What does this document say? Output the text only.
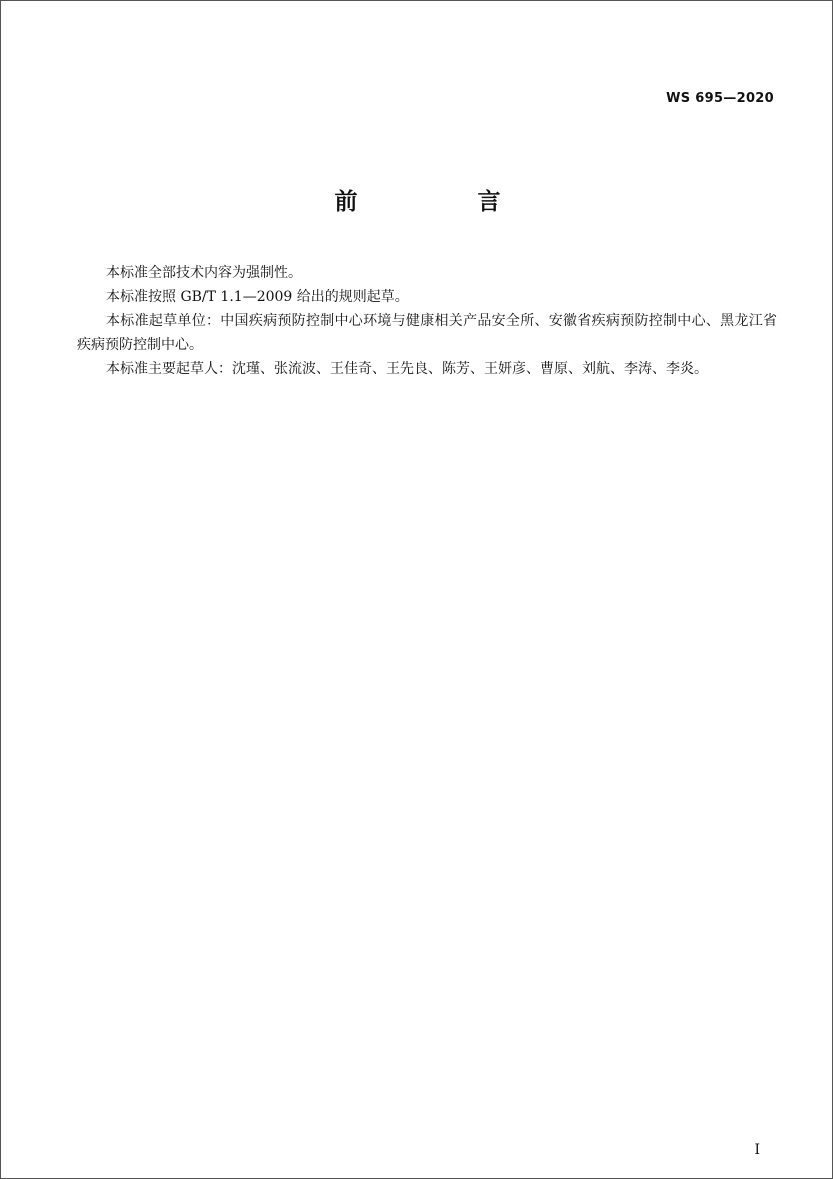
WS 695—2020
前 言

本标准全部技术内容为强制性。

本标准按照 GB/T 1.1—2009 给出的规则起草。

本标准起草单位：中国疾病预防控制中心环境与健康相关产品安全所、安徽省疾病预防控制中心、黑龙江省疾病预防控制中心。

本标准主要起草人：沈瑾、张流波、王佳奇、王先良、陈芳、王妍彦、曹原、刘航、李涛、李炎。

I
